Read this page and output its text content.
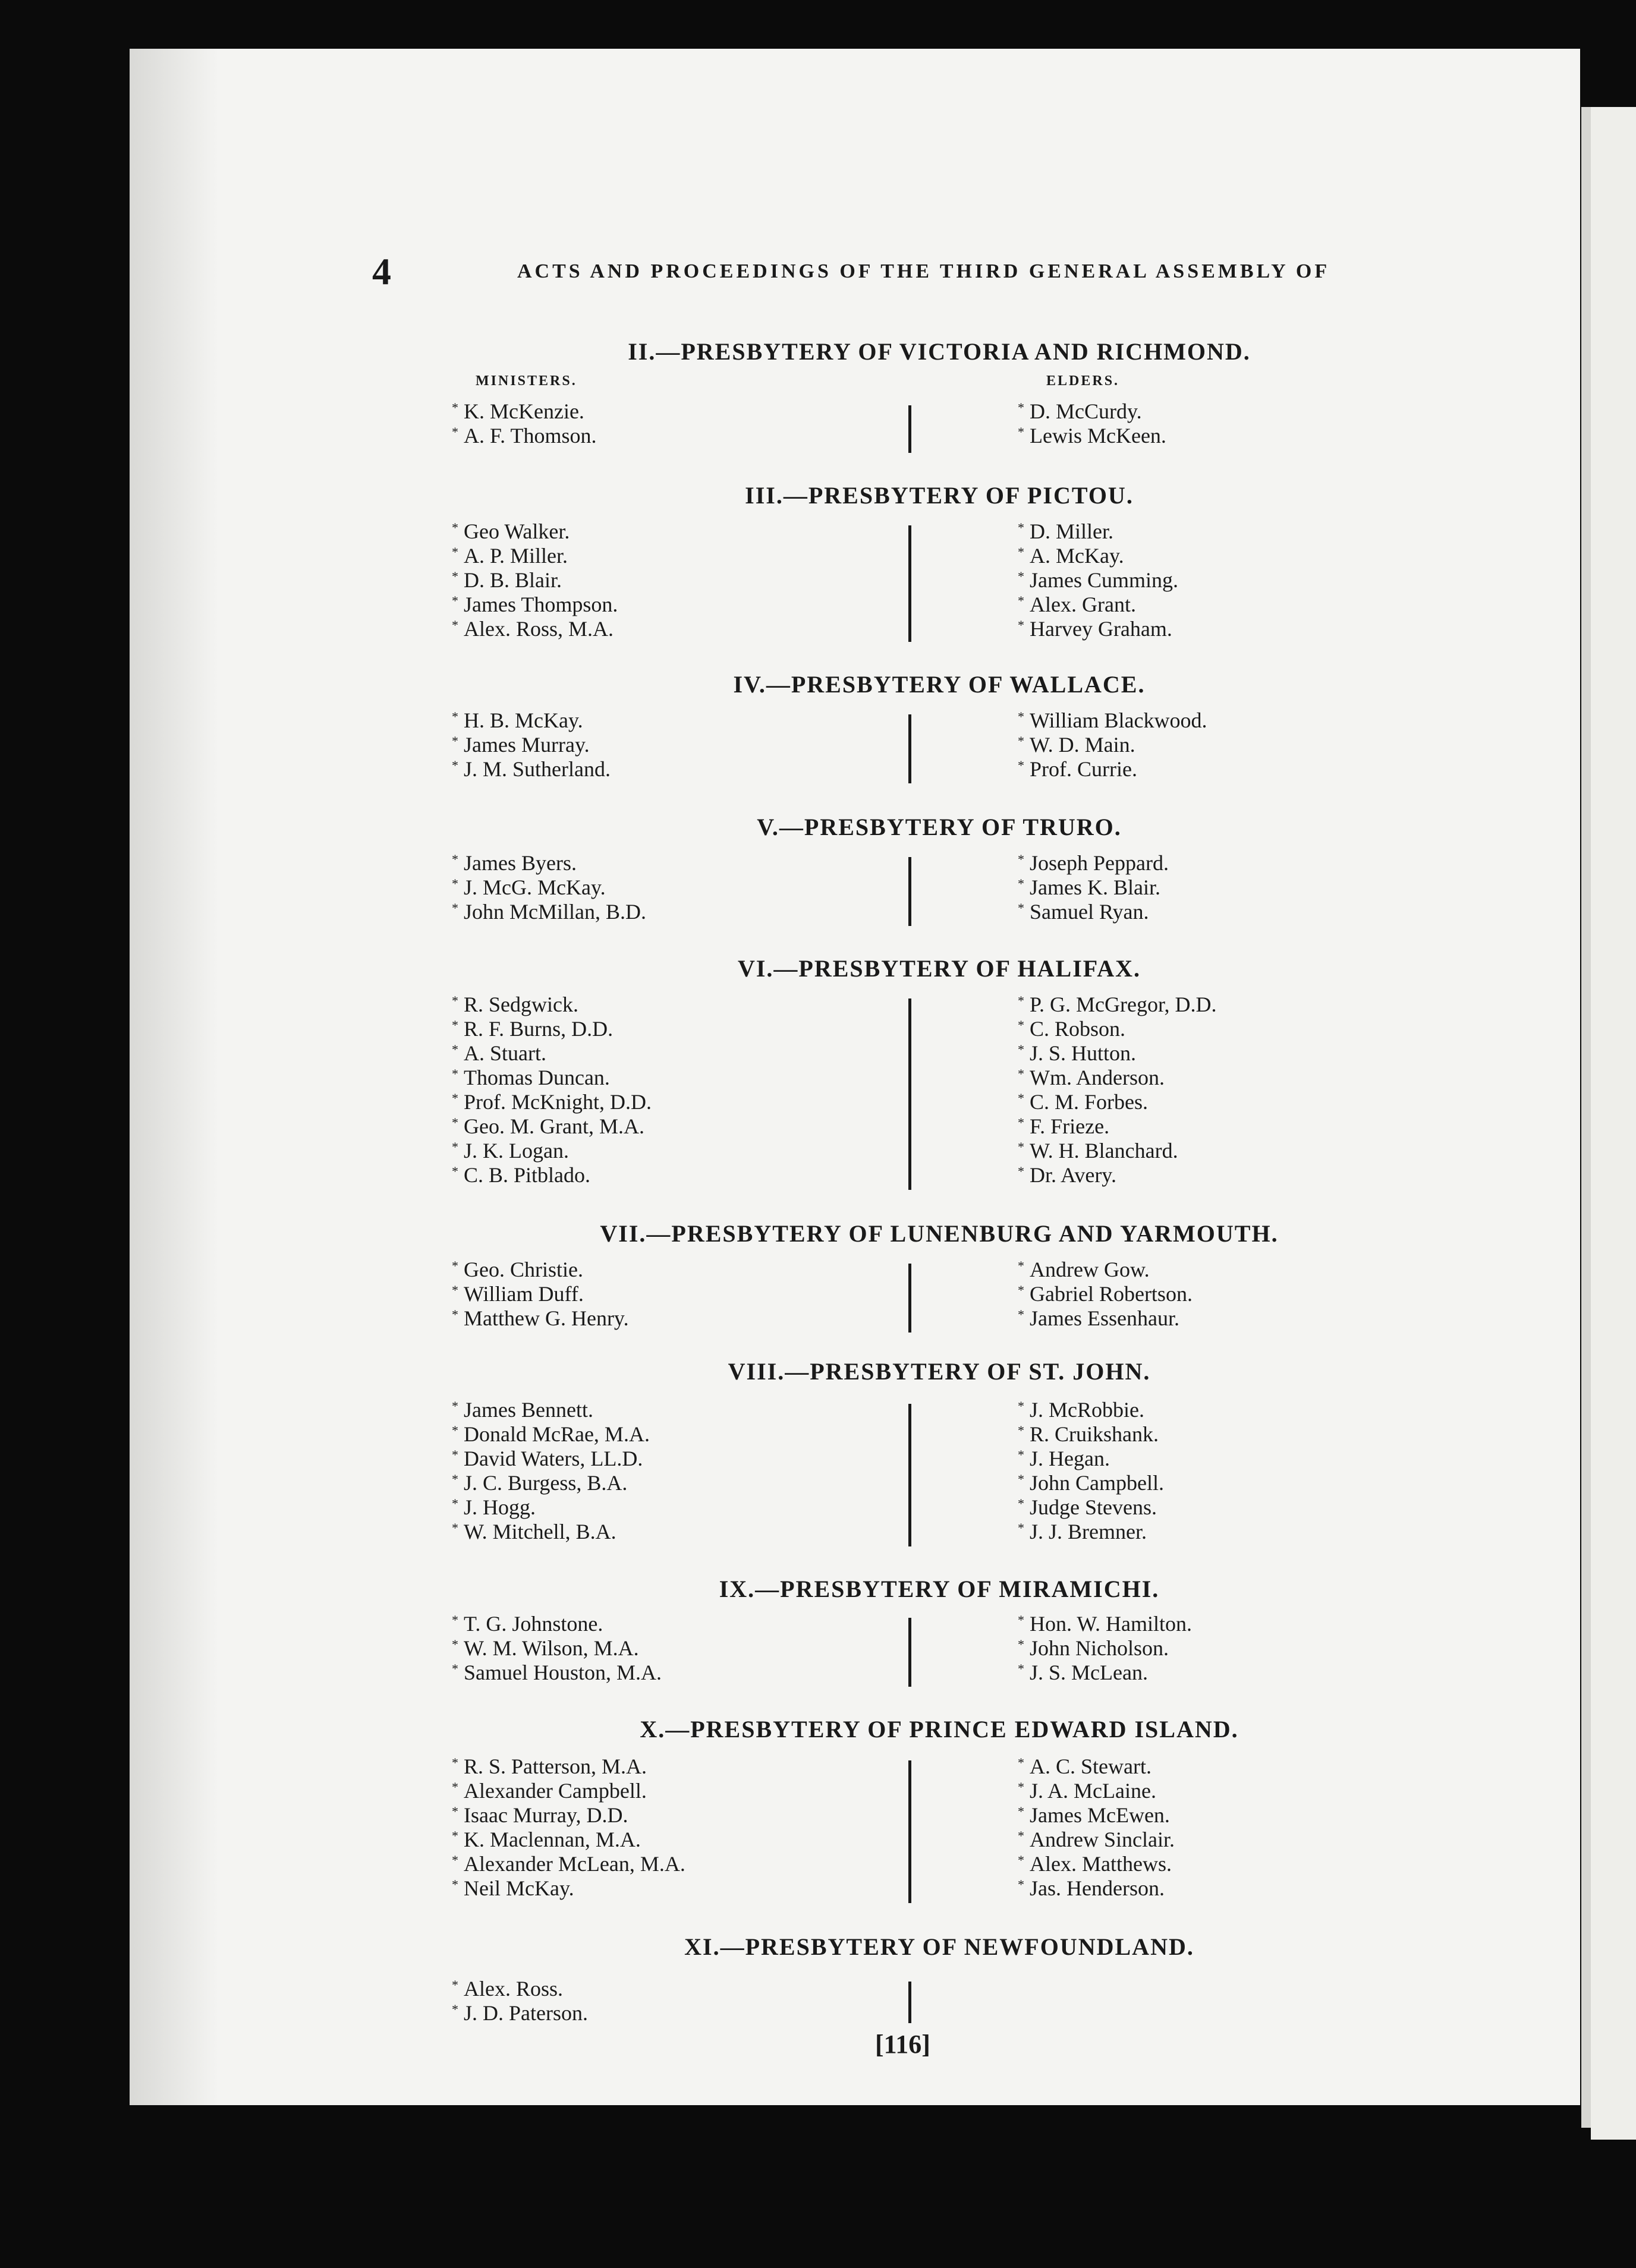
4	ACTS AND PROCEEDINGS OF THE THIRD GENERAL ASSEMBLY OF
II.—PRESBYTERY OF VICTORIA AND RICHMOND.
MINISTERS.	ELDERS.
* K. McKenzie.
* A. F. Thomson.
* D. McCurdy.
* Lewis McKeen.
III.—PRESBYTERY OF PICTOU.
* Geo Walker.
* A. P. Miller.
* D. B. Blair.
* James Thompson.
* Alex. Ross, M.A.
* D. Miller.
* A. McKay.
* James Cumming.
* Alex. Grant.
* Harvey Graham.
IV.—PRESBYTERY OF WALLACE.
* H. B. McKay.
* James Murray.
* J. M. Sutherland.
* William Blackwood.
* W. D. Main.
* Prof. Currie.
V.—PRESBYTERY OF TRURO.
* James Byers.
* J. McG. McKay.
* John McMillan, B.D.
* Joseph Peppard.
* James K. Blair.
* Samuel Ryan.
VI.—PRESBYTERY OF HALIFAX.
* R. Sedgwick.
* R. F. Burns, D.D.
* A. Stuart.
* Thomas Duncan.
* Prof. McKnight, D.D.
* Geo. M. Grant, M.A.
* J. K. Logan.
* C. B. Pitblado.
* P. G. McGregor, D.D.
* C. Robson.
* J. S. Hutton.
* Wm. Anderson.
* C. M. Forbes.
* F. Frieze.
* W. H. Blanchard.
* Dr. Avery.
VII.—PRESBYTERY OF LUNENBURG AND YARMOUTH.
* Geo. Christie.
* William Duff.
* Matthew G. Henry.
* Andrew Gow.
* Gabriel Robertson.
* James Essenhaur.
VIII.—PRESBYTERY OF ST. JOHN.
* James Bennett.
* Donald McRae, M.A.
* David Waters, LL.D.
* J. C. Burgess, B.A.
* J. Hogg.
* W. Mitchell, B.A.
* J. McRobbie.
* R. Cruikshank.
* J. Hegan.
* John Campbell.
* Judge Stevens.
* J. J. Bremner.
IX.—PRESBYTERY OF MIRAMICHI.
* T. G. Johnstone.
* W. M. Wilson, M.A.
* Samuel Houston, M.A.
* Hon. W. Hamilton.
* John Nicholson.
* J. S. McLean.
X.—PRESBYTERY OF PRINCE EDWARD ISLAND.
* R. S. Patterson, M.A.
* Alexander Campbell.
* Isaac Murray, D.D.
* K. Maclennan, M.A.
* Alexander McLean, M.A.
* Neil McKay.
* A. C. Stewart.
* J. A. McLaine.
* James McEwen.
* Andrew Sinclair.
* Alex. Matthews.
* Jas. Henderson.
XI.—PRESBYTERY OF NEWFOUNDLAND.
* Alex. Ross.
* J. D. Paterson.
[116]
